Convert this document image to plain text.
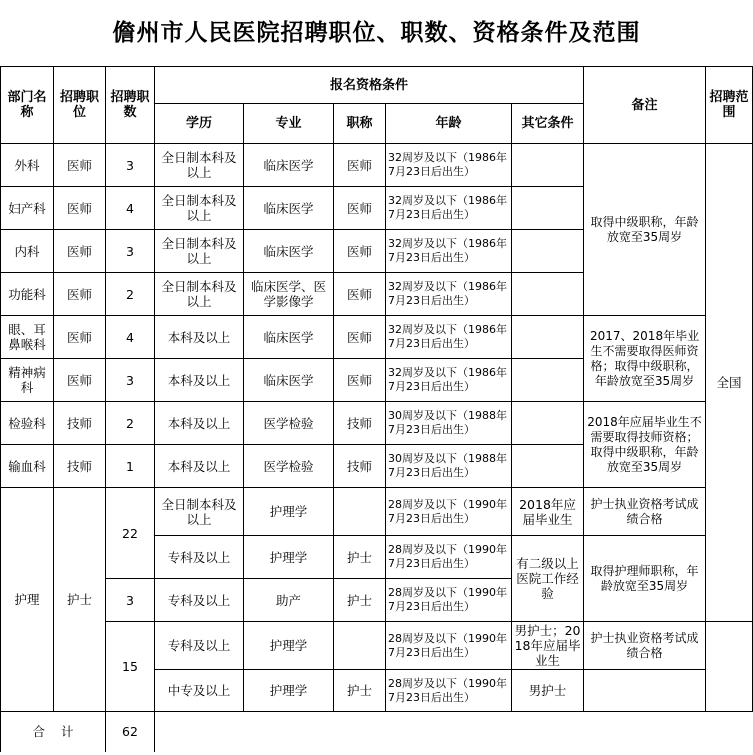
儋州市人民医院招聘职位、职数、资格条件及范围
部门名称	招聘职位	招聘职数	报名资格条件					备注	招聘范围
			学历	专业	职称	年龄	其它条件		
外科	医师	3	全日制本科及以上	临床医学	医师	32周岁及以下（1986年7月23日后出生）		取得中级职称，年龄放宽至35周岁	全国
妇产科	医师	4	全日制本科及以上	临床医学	医师	32周岁及以下（1986年7月23日后出生）			
内科	医师	3	全日制本科及以上	临床医学	医师	32周岁及以下（1986年7月23日后出生）			
功能科	医师	2	全日制本科及以上	临床医学、医学影像学	医师	32周岁及以下（1986年7月23日后出生）			
眼、耳鼻喉科	医师	4	本科及以上	临床医学	医师	32周岁及以下（1986年7月23日后出生）		2017、2018年毕业生不需要取得医师资格；取得中级职称，年龄放宽至35周岁	
精神病科	医师	3	本科及以上	临床医学	医师	32周岁及以下（1986年7月23日后出生）			
检验科	技师	2	本科及以上	医学检验	技师	30周岁及以下（1988年7月23日后出生）		2018年应届毕业生不需要取得技师资格；取得中级职称，年龄放宽至35周岁	
输血科	技师	1	本科及以上	医学检验	技师	30周岁及以下（1988年7月23日后出生）			
护理	护士	22	全日制本科及以上	护理学		28周岁及以下（1990年7月23日后出生）	2018年应届毕业生	护士执业资格考试成绩合格	
			专科及以上	护理学	护士	28周岁及以下（1990年7月23日后出生）	有二级以上医院工作经验	取得护理师职称，年龄放宽至35周岁	
		3	专科及以上	助产	护士	28周岁及以下（1990年7月23日后出生）			
		15	专科及以上	护理学		28周岁及以下（1990年7月23日后出生）	男护士；2018年应届毕业生	护士执业资格考试成绩合格	
			中专及以上	护理学	护士	28周岁及以下（1990年7月23日后出生）	男护士		
合    计		62							
